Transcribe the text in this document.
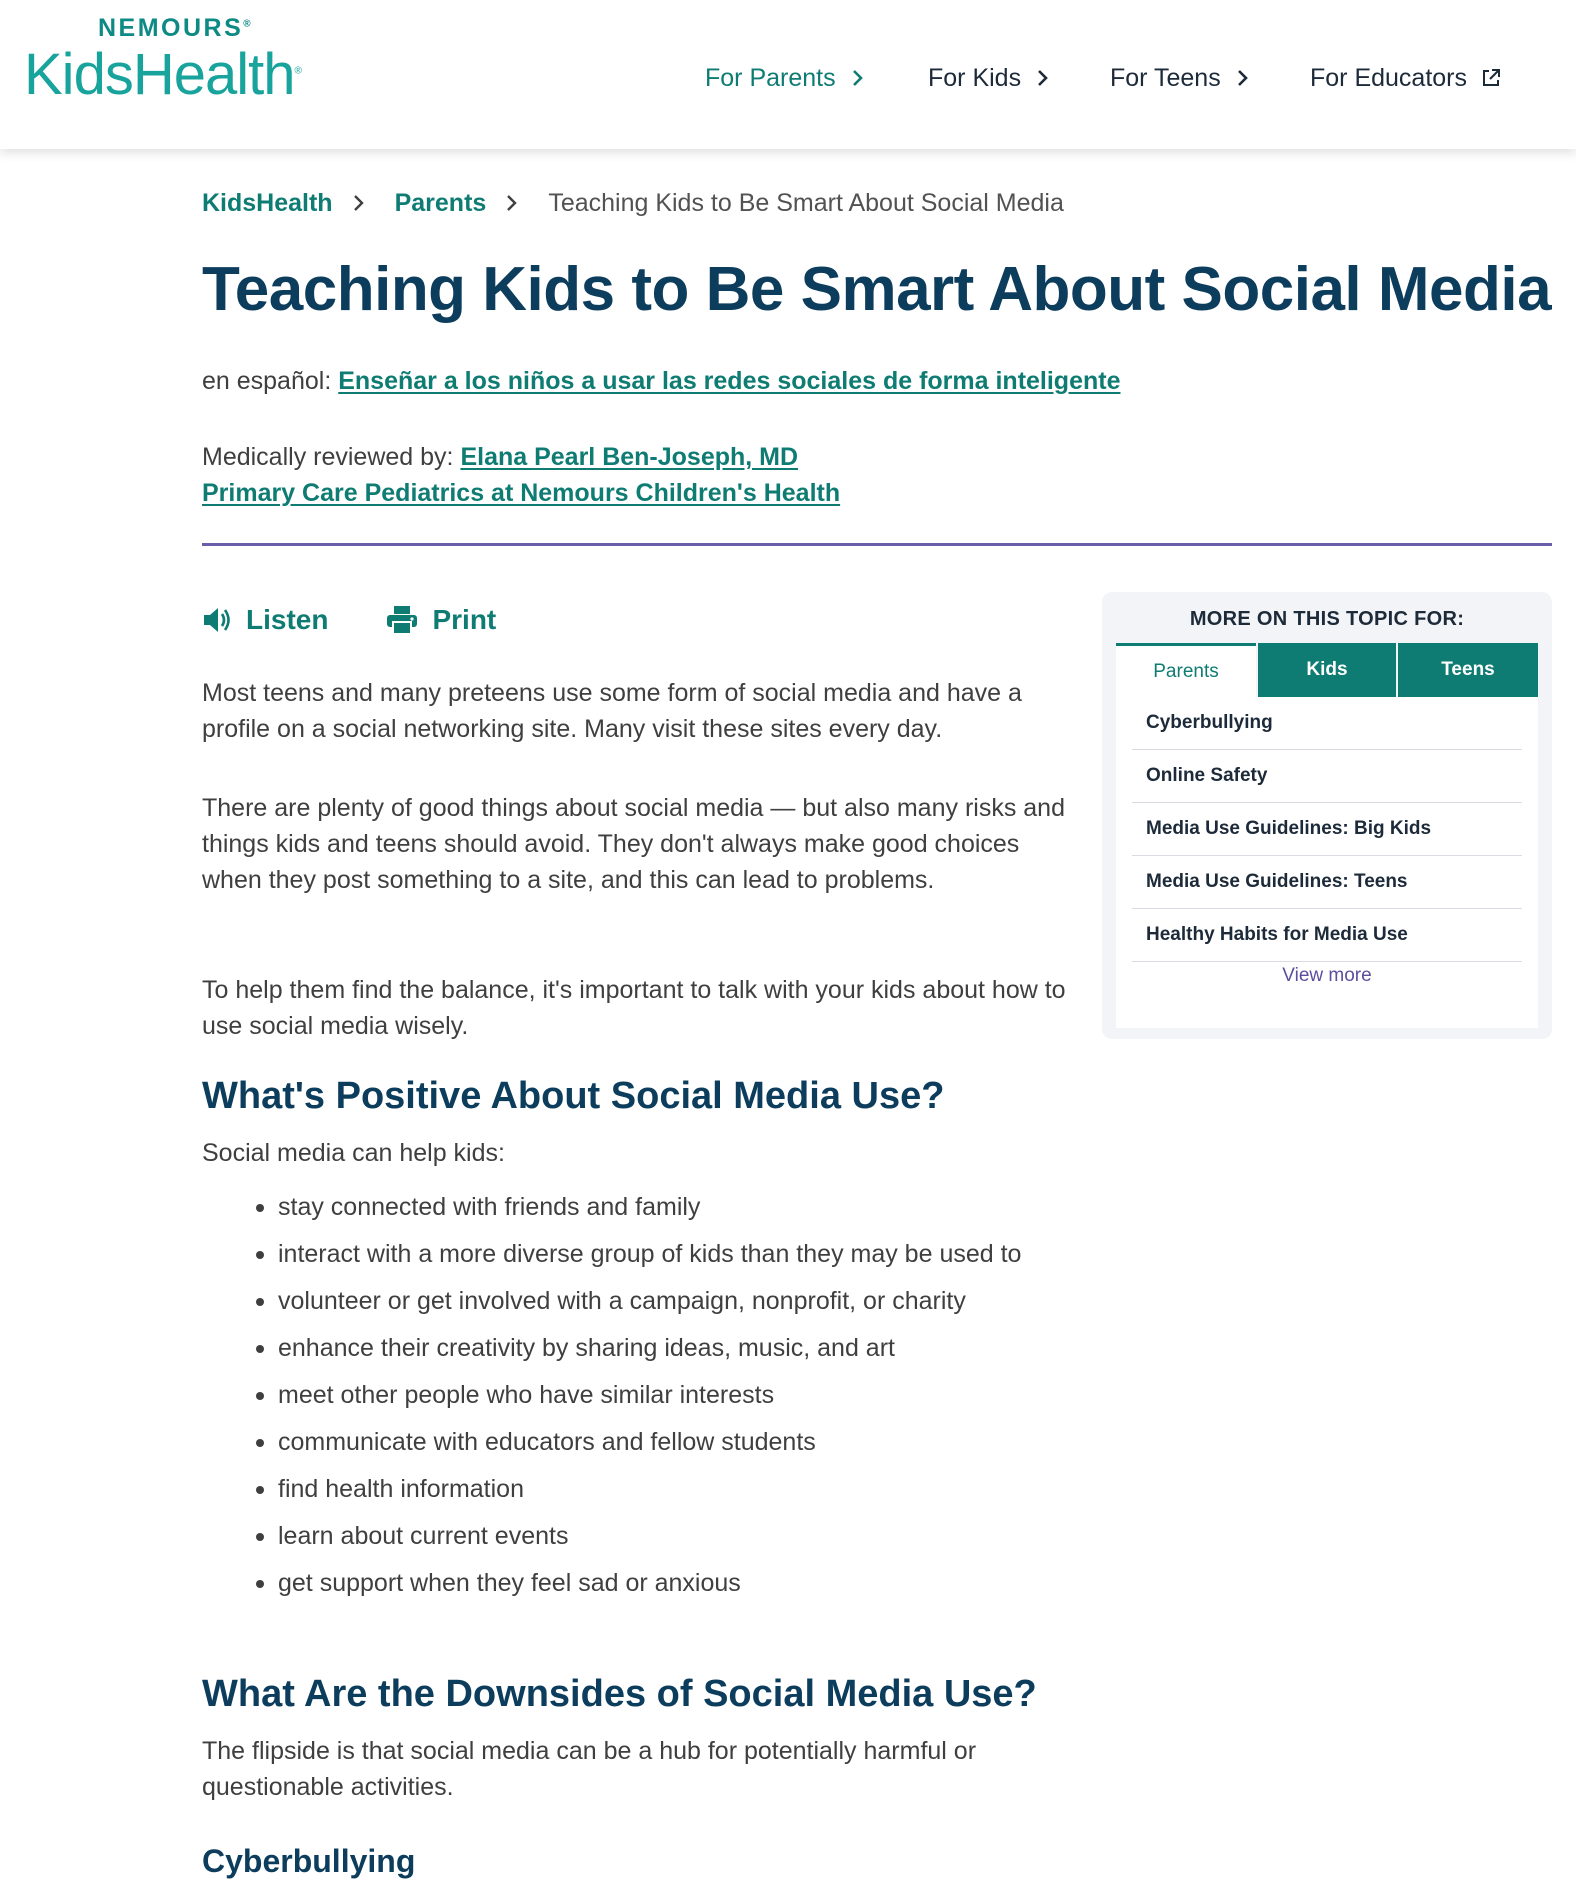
NEMOURS®
KidsHealth®	For Parents	For Kids	For Teens	For Educators
KidsHealth Parents Teaching Kids to Be Smart About Social Media
Teaching Kids to Be Smart About Social Media
en español: Enseñar a los niños a usar las redes sociales de forma inteligente
Medically reviewed by: Elana Pearl Ben-Joseph, MD
Primary Care Pediatrics at Nemours Children's Health
Listen	Print

Most teens and many preteens use some form of social media and have a profile on a social networking site. Many visit these sites every day.

There are plenty of good things about social media — but also many risks and things kids and teens should avoid. They don't always make good choices when they post something to a site, and this can lead to problems.

To help them find the balance, it's important to talk with your kids about how to use social media wisely.

What's Positive About Social Media Use?

Social media can help kids:

stay connected with friends and family
interact with a more diverse group of kids than they may be used to
volunteer or get involved with a campaign, nonprofit, or charity
enhance their creativity by sharing ideas, music, and art
meet other people who have similar interests
communicate with educators and fellow students
find health information
learn about current events
get support when they feel sad or anxious
What Are the Downsides of Social Media Use?

The flipside is that social media can be a hub for potentially harmful or questionable activities.

Cyberbullying
MORE ON THIS TOPIC FOR:
Parents	Kids	Teens
Cyberbullying
Online Safety
Media Use Guidelines: Big Kids
Media Use Guidelines: Teens
Healthy Habits for Media Use
View more
